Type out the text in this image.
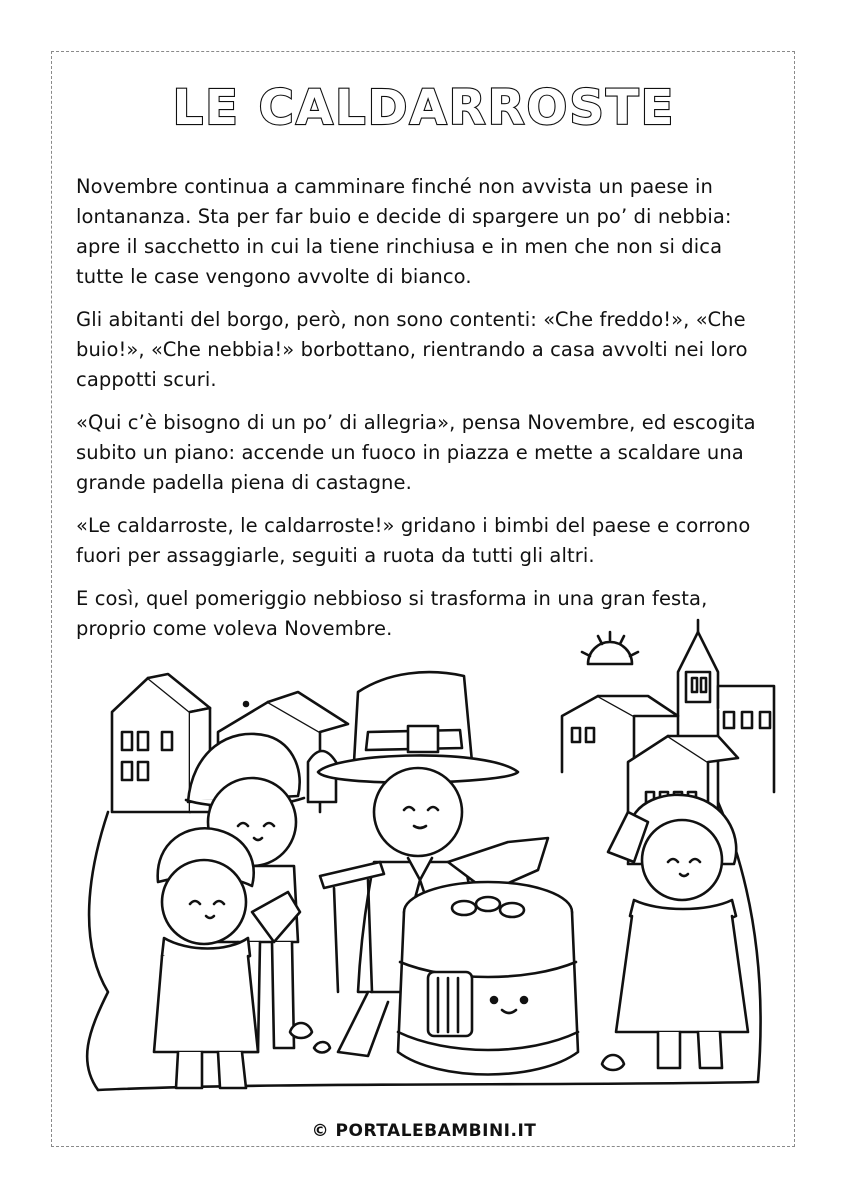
LE CALDARROSTE

Novembre continua a camminare finché non avvista un paese in lontananza. Sta per far buio e decide di spargere un po’ di nebbia: apre il sacchetto in cui la tiene rinchiusa e in men che non si dica tutte le case vengono avvolte di bianco.

Gli abitanti del borgo, però, non sono contenti: «Che freddo!», «Che buio!», «Che nebbia!» borbottano, rientrando a casa avvolti nei loro cappotti scuri.

«Qui c’è bisogno di un po’ di allegria», pensa Novembre, ed escogita subito un piano: accende un fuoco in piazza e mette a scaldare una grande padella piena di castagne.

«Le caldarroste, le caldarroste!» gridano i bimbi del paese e corrono fuori per assaggiarle, seguiti a ruota da tutti gli altri.

E così, quel pomeriggio nebbioso si trasforma in una gran festa, proprio come voleva Novembre.

© PORTALEBAMBINI.IT
